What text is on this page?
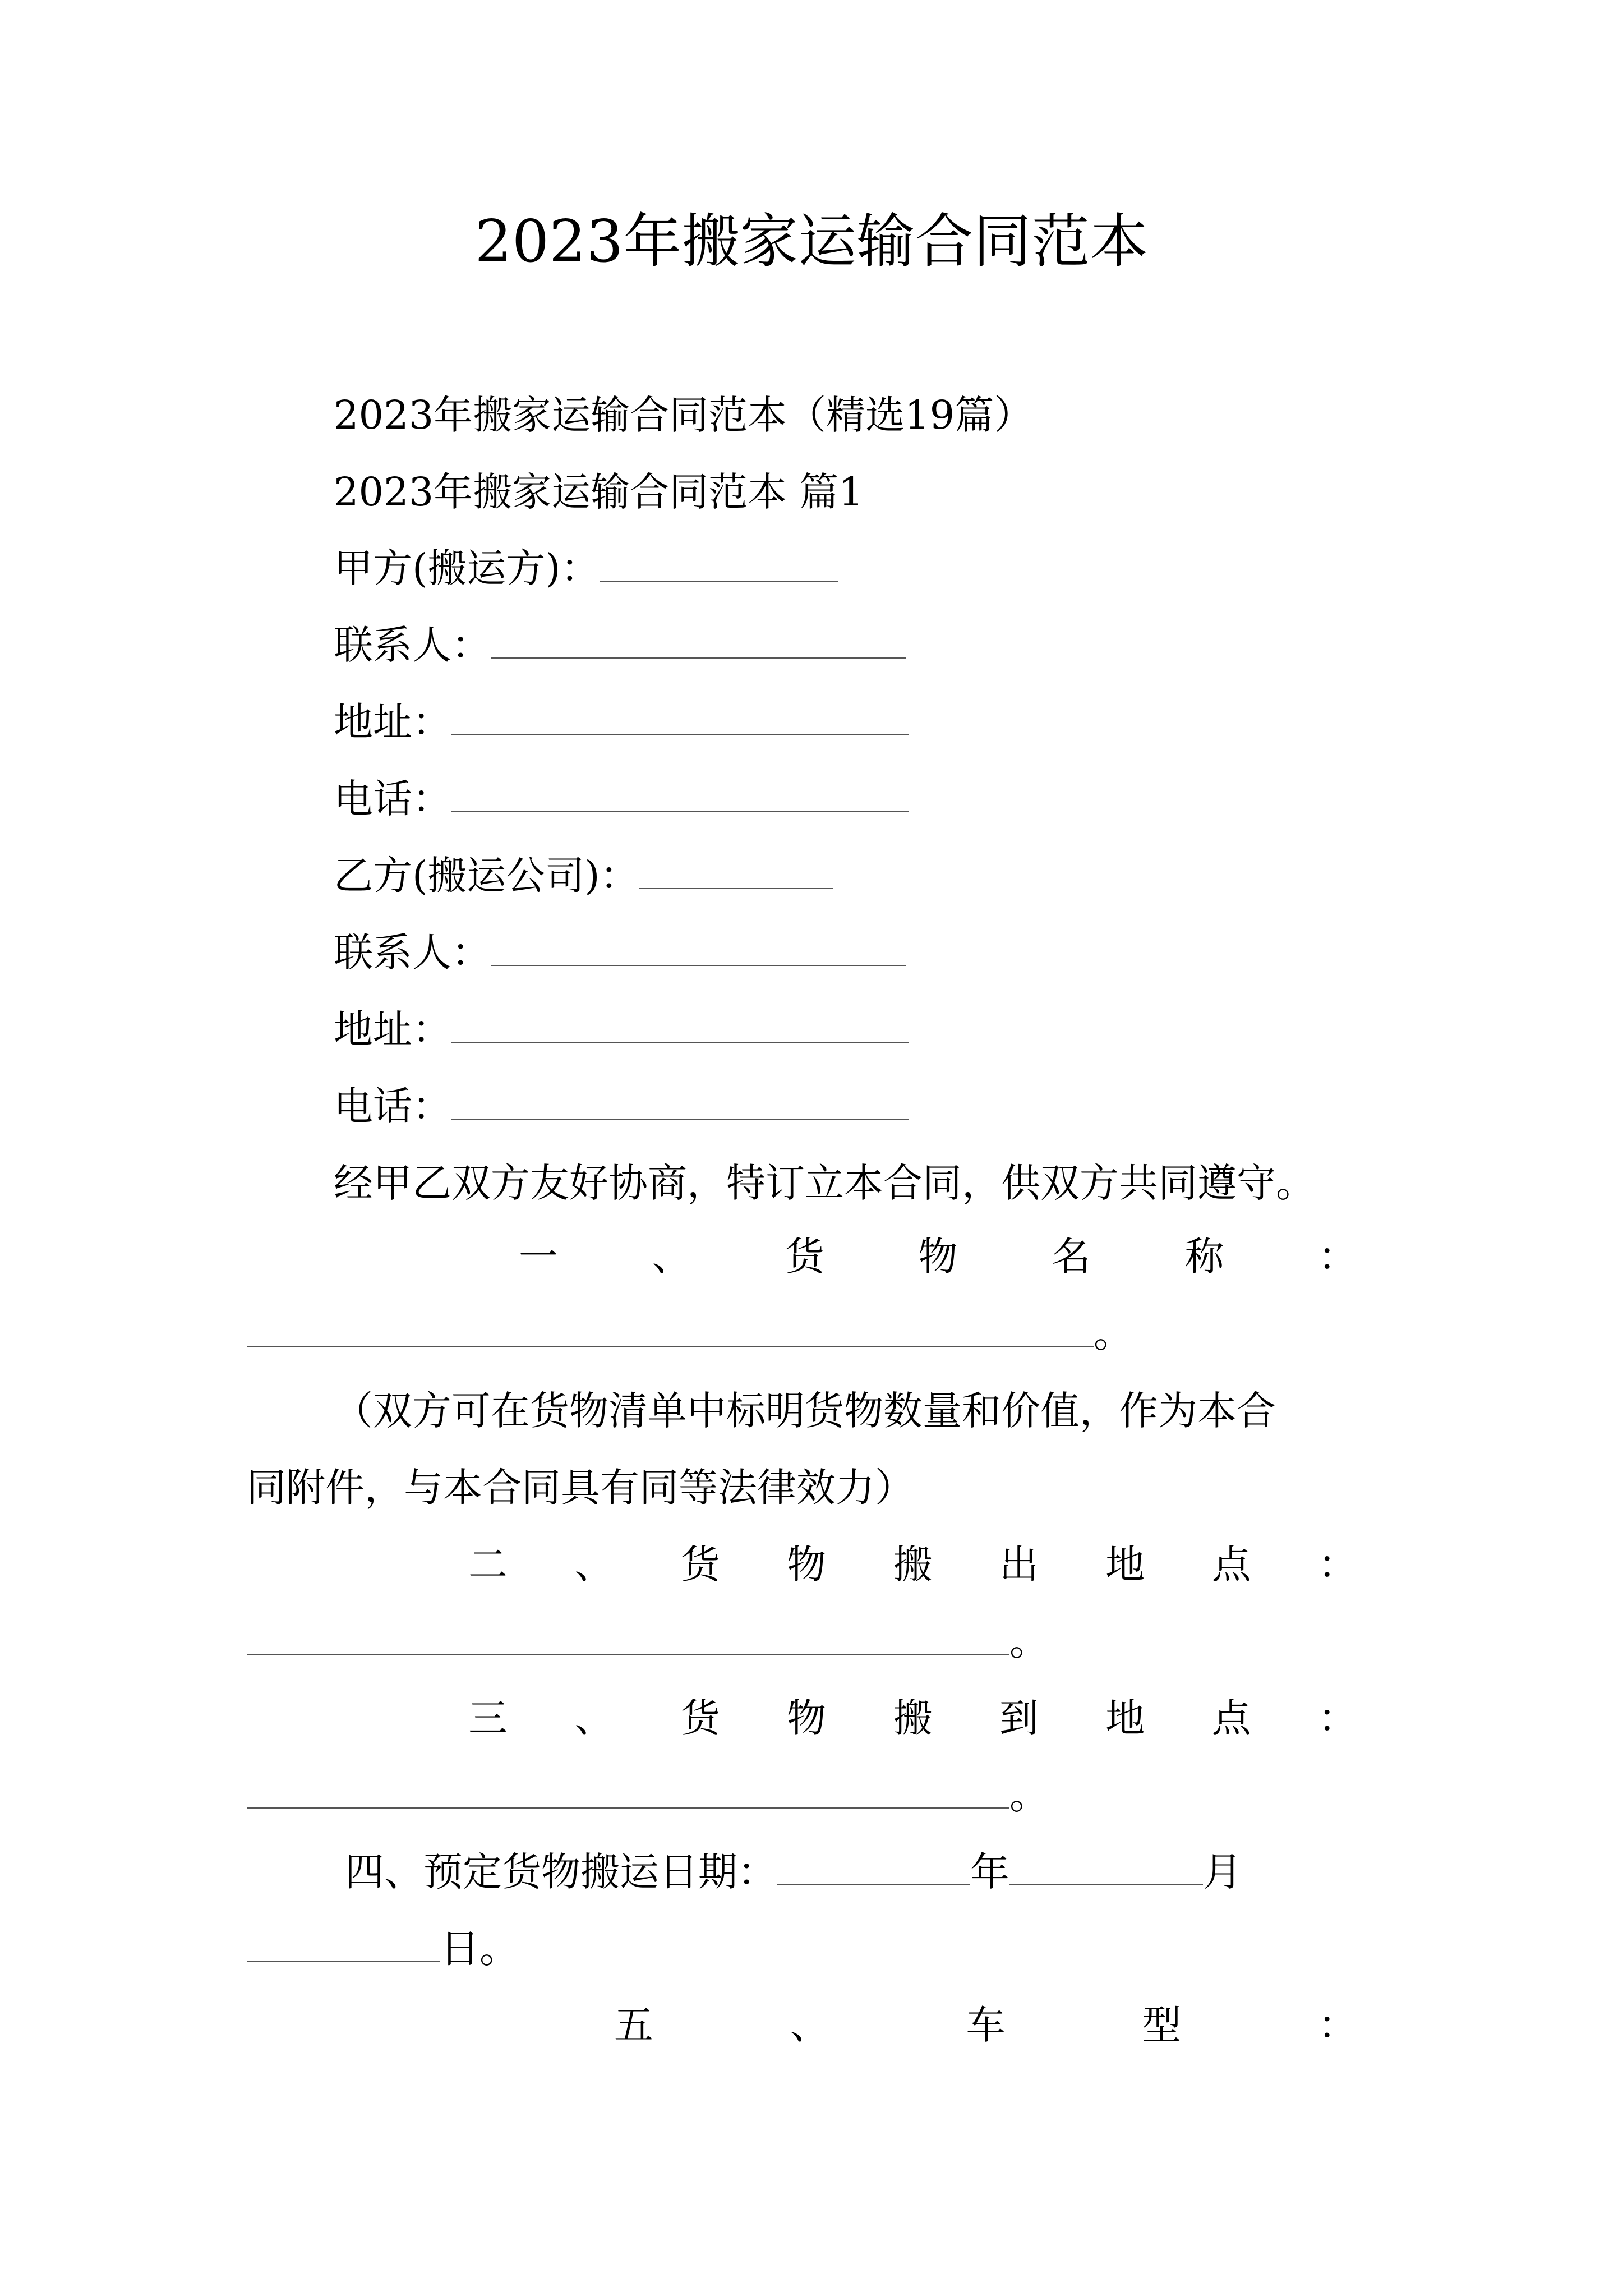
2023年搬家运输合同范本
2023年搬家运输合同范本（精选19篇）
2023年搬家运输合同范本 篇1
甲方(搬运方)：
联系人：
地址：
电话：
乙方(搬运公司)：
联系人：
地址：
电话：
经甲乙双方友好协商，特订立本合同，供双方共同遵守。
一 、 货 物 名 称 ：
。
（双方可在货物清单中标明货物数量和价值，作为本合
同附件，与本合同具有同等法律效力）
二 、 货 物 搬 出 地 点 ：
。
三 、 货 物 搬 到 地 点 ：
。
四、预定货物搬运日期：	年	月
日。
五	、	车	型	：
